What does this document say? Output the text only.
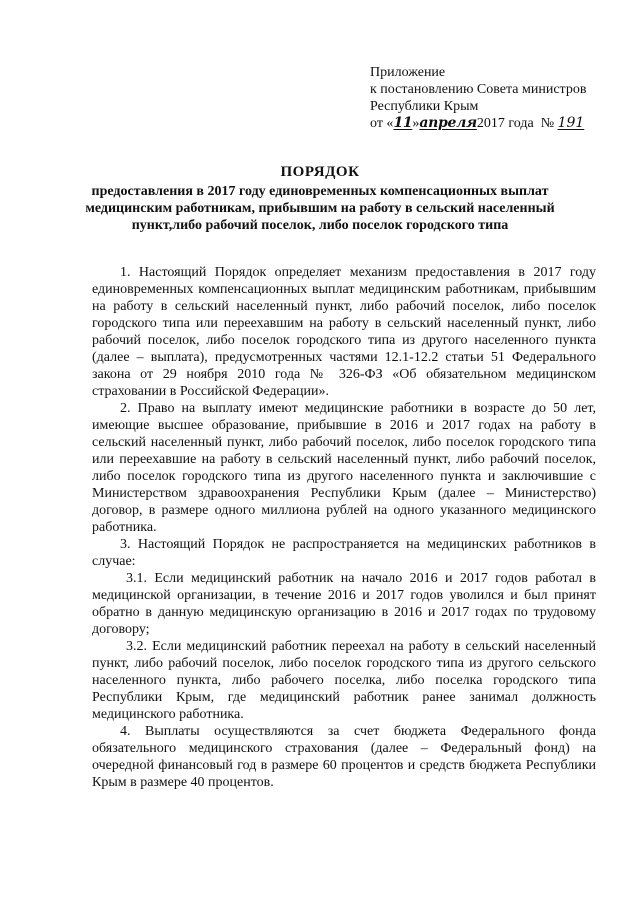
Приложение
к постановлению Совета министров
Республики Крым
от «11»апреля2017 года № 191
ПОРЯДОК
предоставления в 2017 году единовременных компенсационных выплат медицинским работникам, прибывшим на работу в сельский населенный пункт,либо рабочий поселок, либо поселок городского типа

1. Настоящий Порядок определяет механизм предоставления в 2017 году единовременных компенсационных выплат медицинским работникам, прибывшим на работу в сельский населенный пункт, либо рабочий поселок, либо поселок городского типа или переехавшим на работу в сельский населенный пункт, либо рабочий поселок, либо поселок городского типа из другого населенного пункта (далее – выплата), предусмотренных частями 12.1-12.2 статьи 51 Федерального закона от 29 ноября 2010 года № 326-ФЗ «Об обязательном медицинском страховании в Российской Федерации».

2. Право на выплату имеют медицинские работники в возрасте до 50 лет, имеющие высшее образование, прибывшие в 2016 и 2017 годах на работу в сельский населенный пункт, либо рабочий поселок, либо поселок городского типа или переехавшие на работу в сельский населенный пункт, либо рабочий поселок, либо поселок городского типа из другого населенного пункта и заключившие с Министерством здравоохранения Республики Крым (далее – Министерство) договор, в размере одного миллиона рублей на одного указанного медицинского работника.

3. Настоящий Порядок не распространяется на медицинских работников в случае:

3.1. Если медицинский работник на начало 2016 и 2017 годов работал в медицинской организации, в течение 2016 и 2017 годов уволился и был принят обратно в данную медицинскую организацию в 2016 и 2017 годах по трудовому договору;

3.2. Если медицинский работник переехал на работу в сельский населенный пункт, либо рабочий поселок, либо поселок городского типа из другого сельского населенного пункта, либо рабочего поселка, либо поселка городского типа Республики Крым, где медицинский работник ранее занимал должность медицинского работника.

4. Выплаты осуществляются за счет бюджета Федерального фонда обязательного медицинского страхования (далее – Федеральный фонд) на очередной финансовый год в размере 60 процентов и средств бюджета Республики Крым в размере 40 процентов.
